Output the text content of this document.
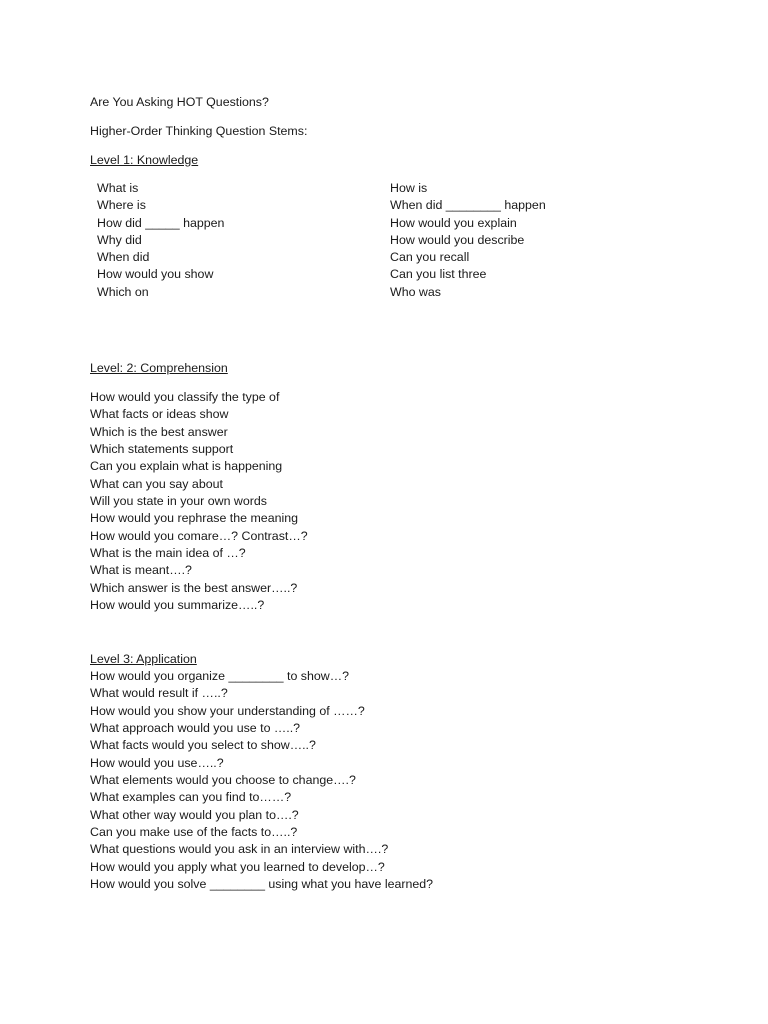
Are You Asking HOT Questions?
Higher-Order Thinking Question Stems:
Level 1: Knowledge
What is
Where is
How did _____ happen
Why did
When did
How would you show
Which on
How is
When did ________ happen
How would you explain
How would you describe
Can you recall
Can you list three
Who was
Level: 2: Comprehension
How would you classify the type of
What facts or ideas show
Which is the best answer
Which statements support
Can you explain what is happening
What can you say about
Will you state in your own words
How would you rephrase the meaning
How would you comare…? Contrast…?
What is the main idea of …?
What is meant….?
Which answer is the best answer…..?
How would you summarize…..?
Level 3: Application
How would you organize ________ to show…?
What would result if …..?
How would you show your understanding of ……?
What approach would you use to …..?
What facts would you select to show…..?
How would you use…..?
What elements would you choose to change….?
What examples can you find to……?
What other way would you plan to….?
Can you make use of the facts to…..?
What questions would you ask in an interview with….?
How would you apply what you learned to develop…?
How would you solve ________ using what you have learned?
